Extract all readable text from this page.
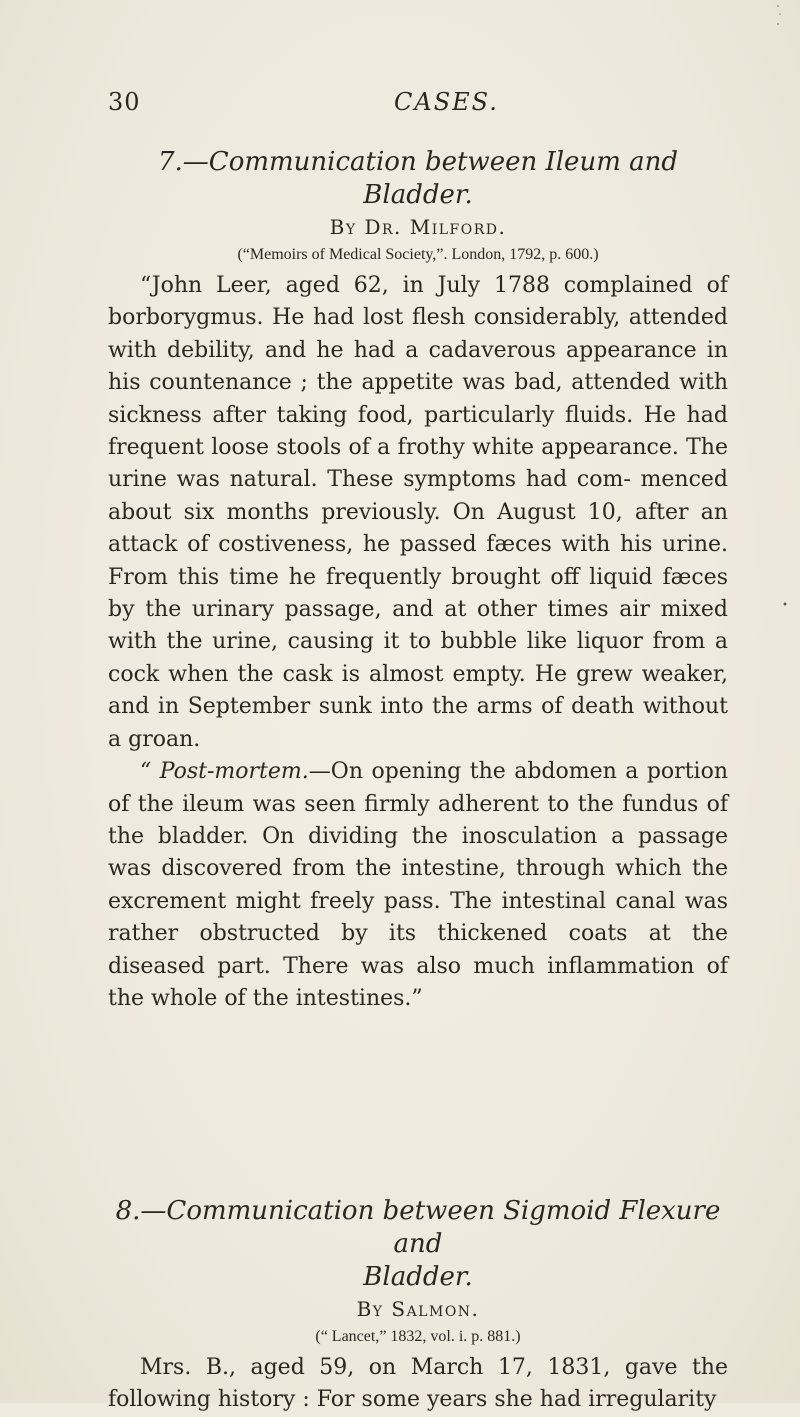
30	CASES.

7.—Communication between Ileum and Bladder.

By Dr. Milford.

(“Memoirs of Medical Society,”. London, 1792, p. 600.)

“John Leer, aged 62, in July 1788 complained of borborygmus. He had lost flesh considerably, attended with debility, and he had a cadaverous appearance in his countenance ; the appetite was bad, attended with sickness after taking food, particularly fluids. He had frequent loose stools of a frothy white appearance. The urine was natural. These symptoms had com- menced about six months previously. On August 10, after an attack of costiveness, he passed fæces with his urine. From this time he frequently brought off liquid fæces by the urinary passage, and at other times air mixed with the urine, causing it to bubble like liquor from a cock when the cask is almost empty. He grew weaker, and in September sunk into the arms of death without a groan.

“ Post-mortem.—On opening the abdomen a portion of the ileum was seen firmly adherent to the fundus of the bladder. On dividing the inosculation a passage was discovered from the intestine, through which the excrement might freely pass. The intestinal canal was rather obstructed by its thickened coats at the diseased part. There was also much inflammation of the whole of the intestines.”

8.—Communication between Sigmoid Flexure and

Bladder.

By Salmon.

(“ Lancet,” 1832, vol. i. p. 881.)

Mrs. B., aged 59, on March 17, 1831, gave the following history : For some years she had irregularity

•
